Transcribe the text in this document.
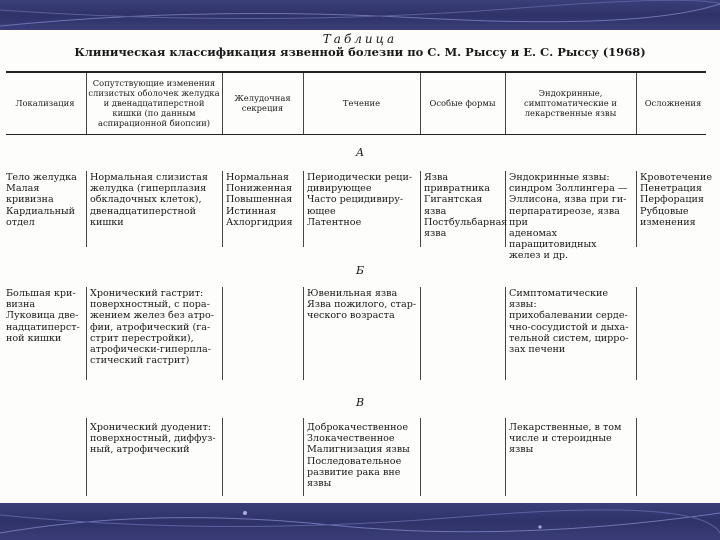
Таблица
Клиническая классификация язвенной болезни по С. М. Рысcу и Е. С. Рысcу (1968)
Локализация
Сопутствующие изменения слизистых оболочек желудка и двенадцатиперстной кишки (по данным аспирационной биопсии)
Желудочная секреция	Течение	Особые формы
Эндокринные, симптоматические и лекарственные язвы
Осложнения
А
Тело желудка
Малая кривизна
Кардиальный
отдел
Нормальная слизистая
желудка (гиперплазия
обкладочных клеток),
двенадцатиперстной
кишки
Нормальная
Пониженная
Повышенная
Истинная
Ахлоргидрия
Периодически реци-
дивирующее
Часто рецидивиру-
ющее
Латентное
Язва привратника
Гигантская
язва
Постбульбарная язва
Эндокринные язвы:
синдром Золлингера —
Эллисона, язва при ги-
перпаратиреозе, язва при
аденомах паращитовидных
желез и др.
Кровотечение
Пенетрация
Перфорация
Рубцовые
изменения
Б
Большая кри-
визна
Луковица две-
надцатиперст-
ной кишки
Хронический гастрит:
поверхностный, с пора-
жением желез без атро-
фии, атрофический (га-
стрит перестройки),
атрофически-гиперпла-
стический гастрит)
Ювенильная язва
Язва пожилого, стар-
ческого возраста
Симптоматические язвы:
прихобалевании серде-
чно-сосудистой и дыха-
тельной систем, цирро-
зах печени
В
Хронический дуоденит:
поверхностный, диффуз-
ный, атрофический
Доброкачественное
Злокачественное
Малигнизация язвы
Последовательное
развитие рака вне
язвы
Лекарственные, в том
числе и стероидные
язвы
